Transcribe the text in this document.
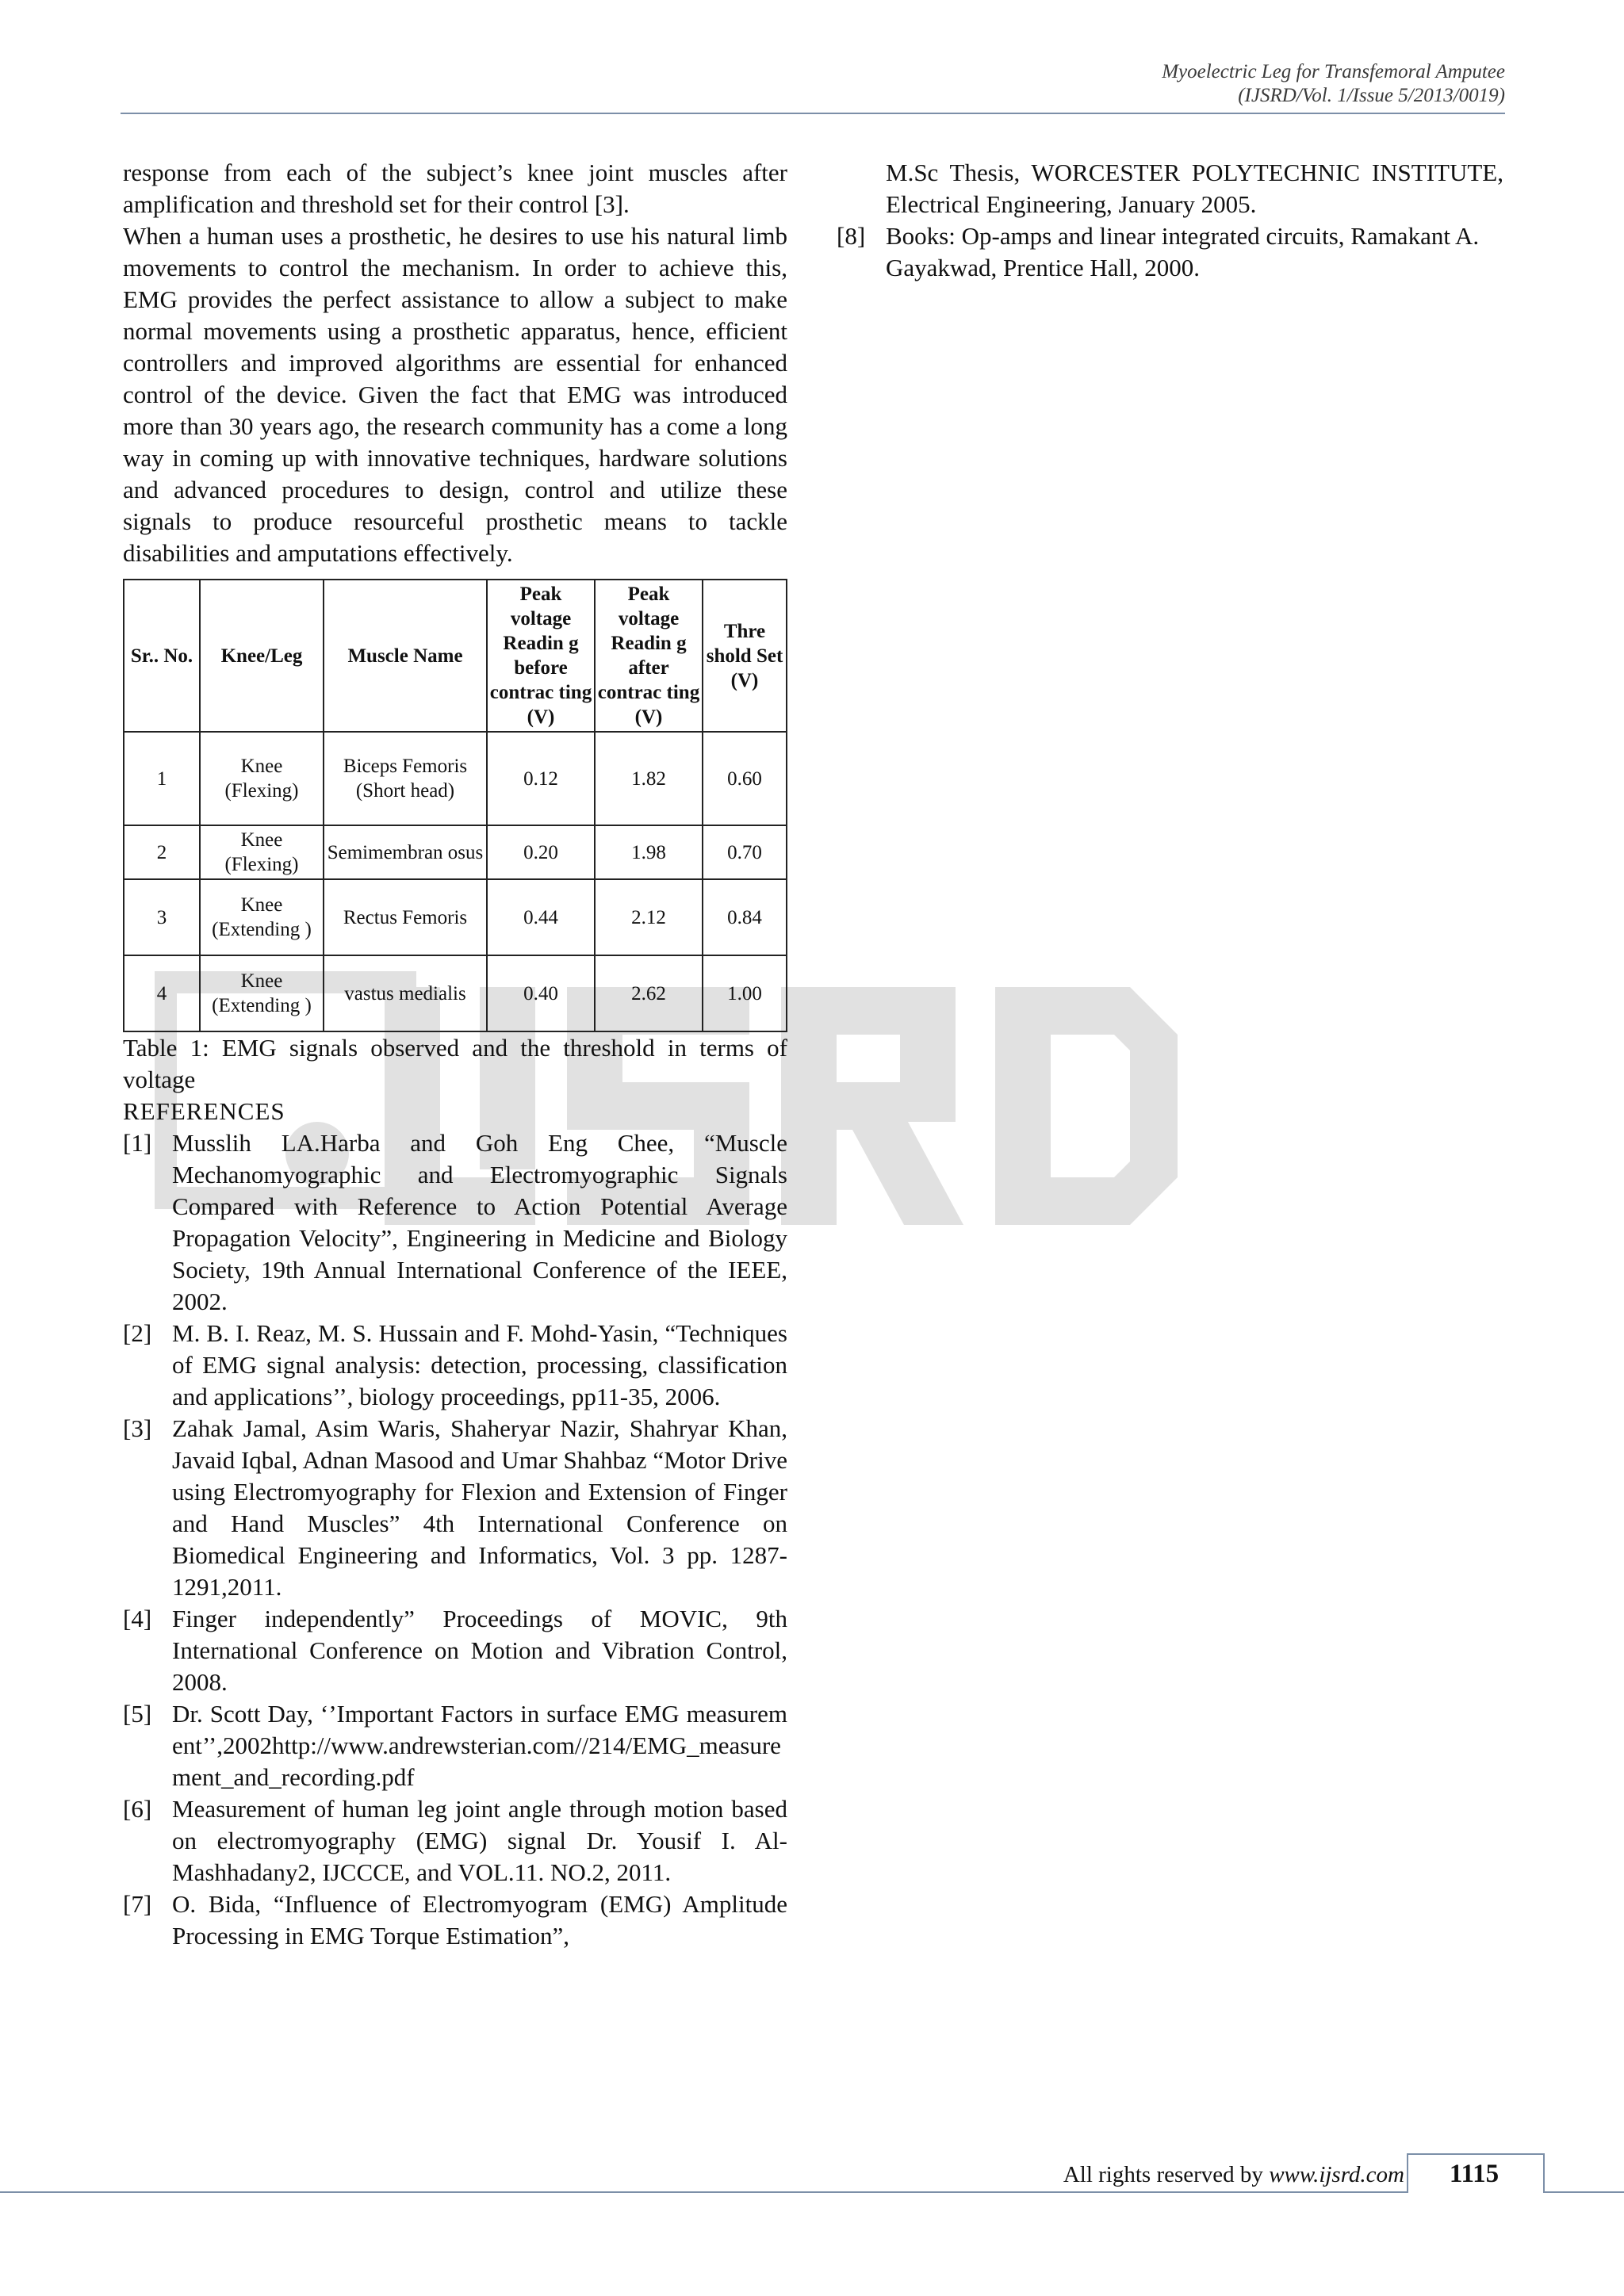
Myoelectric Leg for Transfemoral Amputee
(IJSRD/Vol. 1/Issue 5/2013/0019)

response from each of the subject’s knee joint muscles after amplification and threshold set for their control [3].

When a human uses a prosthetic, he desires to use his natural limb movements to control the mechanism. In order to achieve this, EMG provides the perfect assistance to allow a subject to make normal movements using a prosthetic apparatus, hence, efficient controllers and improved algorithms are essential for enhanced control of the device. Given the fact that EMG was introduced more than 30 years ago, the research community has a come a long way in coming up with innovative techniques, hardware solutions and advanced procedures to design, control and utilize these signals to produce resourceful prosthetic means to tackle disabilities and amputations effectively.

Sr.. No.	Knee/Leg	Muscle Name	Peak voltage Readin g before contrac ting (V)	Peak voltage Readin g after contrac ting (V)	Thre shold Set (V)
1	Knee (Flexing)	Biceps Femoris (Short head)	0.12	1.82	0.60
2	Knee (Flexing)	Semimembran osus	0.20	1.98	0.70
3	Knee (Extending )	Rectus Femoris	0.44	2.12	0.84
4	Knee (Extending )	vastus medialis	0.40	2.62	1.00

Table 1: EMG signals observed and the threshold in terms of voltage

REFERENCES

[1] Musslih LA.Harba and Goh Eng Chee, “Muscle Mechanomyographic and Electromyographic Signals Compared with Reference to Action Potential Average Propagation Velocity”, Engineering in Medicine and Biology Society, 19th Annual International Conference of the IEEE, 2002.
[2] M. B. I. Reaz, M. S. Hussain and F. Mohd-Yasin, “Techniques of EMG signal analysis: detection, processing, classification and applications’’, biology proceedings, pp11-35, 2006.
[3] Zahak Jamal, Asim Waris, Shaheryar Nazir, Shahryar Khan, Javaid Iqbal, Adnan Masood and Umar Shahbaz “Motor Drive using Electromyography for Flexion and Extension of Finger and Hand Muscles” 4th International Conference on Biomedical Engineering and Informatics, Vol. 3 pp. 1287-1291,2011.
[4] Finger independently” Proceedings of MOVIC, 9th International Conference on Motion and Vibration Control, 2008.
[5] Dr. Scott Day, ‘’Important Factors in surface EMG measurement’’,2002http://www.andrewsterian.com//214/EMG_measurement_and_recording.pdf
[6] Measurement of human leg joint angle through motion based on electromyography (EMG) signal Dr. Yousif I. Al-Mashhadany2, IJCCCE, and VOL.11. NO.2, 2011.
[7] O. Bida, “Influence of Electromyogram (EMG) Amplitude Processing in EMG Torque Estimation”,

M.Sc Thesis, WORCESTER POLYTECHNIC INSTITUTE, Electrical Engineering, January 2005.

[8] Books: Op-amps and linear integrated circuits, Ramakant A. Gayakwad, Prentice Hall, 2000.
All rights reserved by www.ijsrd.com	1115
